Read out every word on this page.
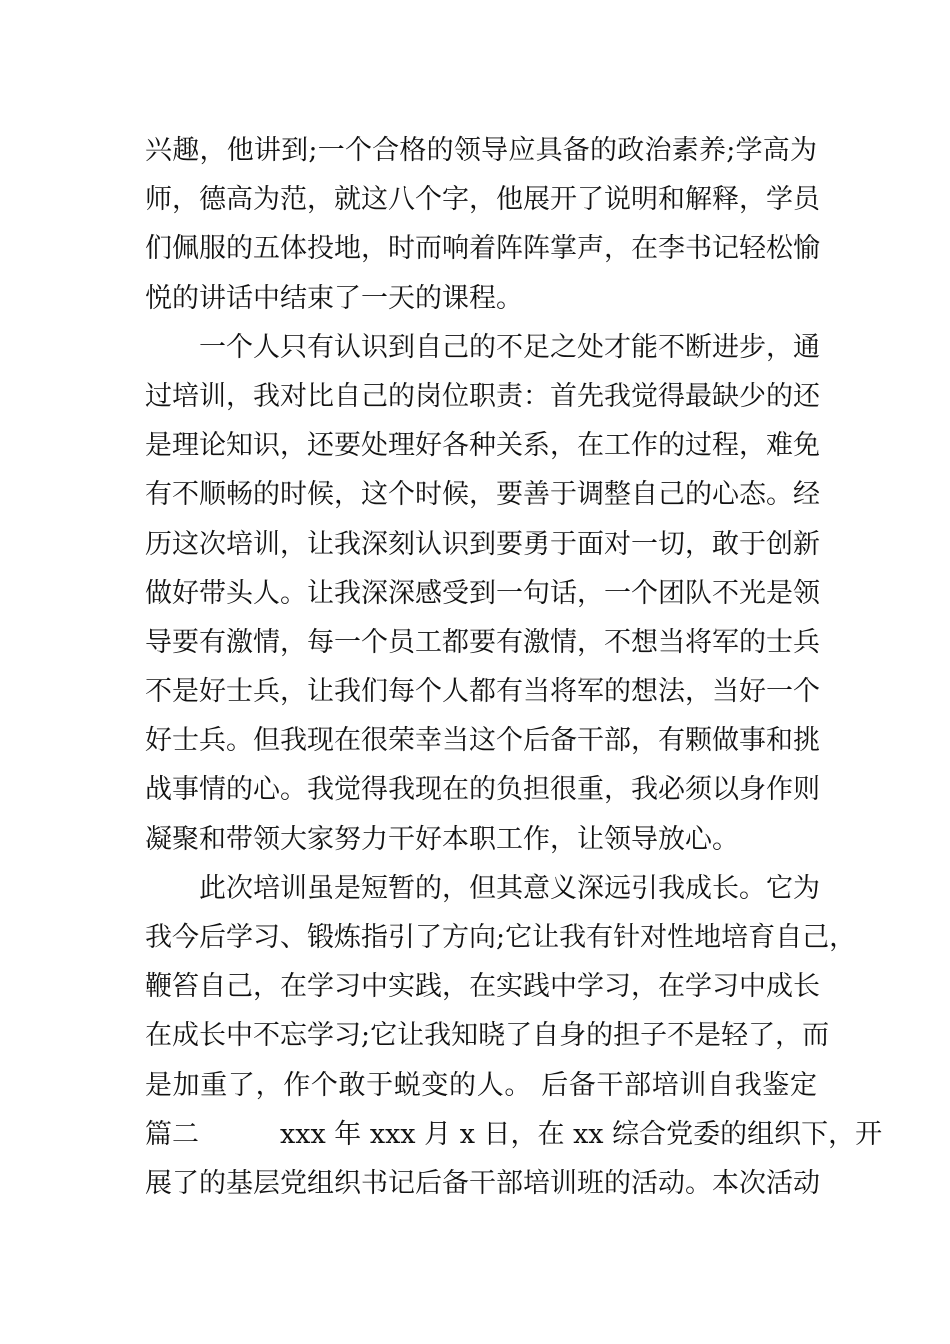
兴趣，他讲到;一个合格的领导应具备的政治素养;学高为
师，德高为范，就这八个字，他展开了说明和解释，学员
们佩服的五体投地，时而响着阵阵掌声，在李书记轻松愉
悦的讲话中结束了一天的课程。
一个人只有认识到自己的不足之处才能不断进步，通
过培训，我对比自己的岗位职责：首先我觉得最缺少的还
是理论知识，还要处理好各种关系，在工作的过程，难免
有不顺畅的时候，这个时候，要善于调整自己的心态。经
历这次培训，让我深刻认识到要勇于面对一切，敢于创新
做好带头人。让我深深感受到一句话，一个团队不光是领
导要有激情，每一个员工都要有激情，不想当将军的士兵
不是好士兵，让我们每个人都有当将军的想法，当好一个
好士兵。但我现在很荣幸当这个后备干部，有颗做事和挑
战事情的心。我觉得我现在的负担很重，我必须以身作则
凝聚和带领大家努力干好本职工作，让领导放心。
此次培训虽是短暂的，但其意义深远引我成长。它为
我今后学习、锻炼指引了方向;它让我有针对性地培育自己，
鞭笞自己，在学习中实践，在实践中学习，在学习中成长
在成长中不忘学习;它让我知晓了自身的担子不是轻了，而
是加重了，作个敢于蜕变的人。 后备干部培训自我鉴定
篇二　　　xxx 年 xxx 月 x 日，在 xx 综合党委的组织下，开
展了的基层党组织书记后备干部培训班的活动。本次活动
